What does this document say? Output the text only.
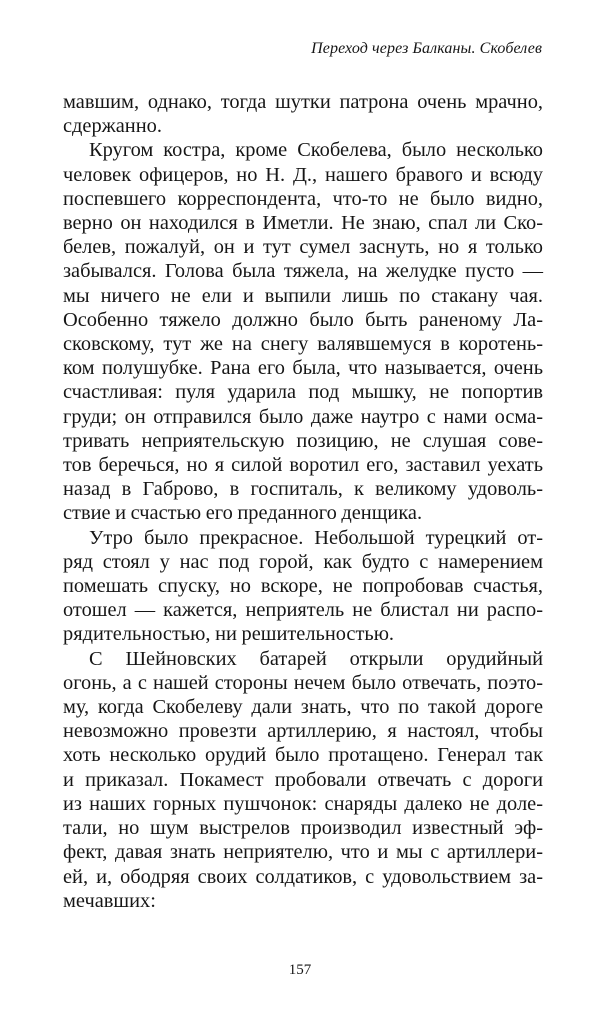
Переход через Балканы. Скобелев
мавшим, однако, тогда шутки патрона очень мрачно,
сдержанно.
Кругом костра, кроме Скобелева, было несколько
человек офицеров, но Н. Д., нашего бравого и всюду
поспевшего корреспондента, что-то не было видно,
верно он находился в Иметли. Не знаю, спал ли Ско-
белев, пожалуй, он и тут сумел заснуть, но я только
забывался. Голова была тяжела, на желудке пусто —
мы ничего не ели и выпили лишь по стакану чая.
Особенно тяжело должно было быть раненому Ла-
сковскому, тут же на снегу валявшемуся в коротень-
ком полушубке. Рана его была, что называется, очень
счастливая: пуля ударила под мышку, не попортив
груди; он отправился было даже наутро с нами осма-
тривать неприятельскую позицию, не слушая сове-
тов беречься, но я силой воротил его, заставил уехать
назад в Габрово, в госпиталь, к великому удоволь-
ствие и счастью его преданного денщика.
Утро было прекрасное. Небольшой турецкий от-
ряд стоял у нас под горой, как будто с намерением
помешать спуску, но вскоре, не попробовав счастья,
отошел — кажется, неприятель не блистал ни распо-
рядительностью, ни решительностью.
С Шейновских батарей открыли орудийный
огонь, а с нашей стороны нечем было отвечать, поэто-
му, когда Скобелеву дали знать, что по такой дороге
невозможно провезти артиллерию, я настоял, чтобы
хоть несколько орудий было протащено. Генерал так
и приказал. Покамест пробовали отвечать с дороги
из наших горных пушчонок: снаряды далеко не доле-
тали, но шум выстрелов производил известный эф-
фект, давая знать неприятелю, что и мы с артиллери-
ей, и, ободряя своих солдатиков, с удовольствием за-
мечавших:
157
